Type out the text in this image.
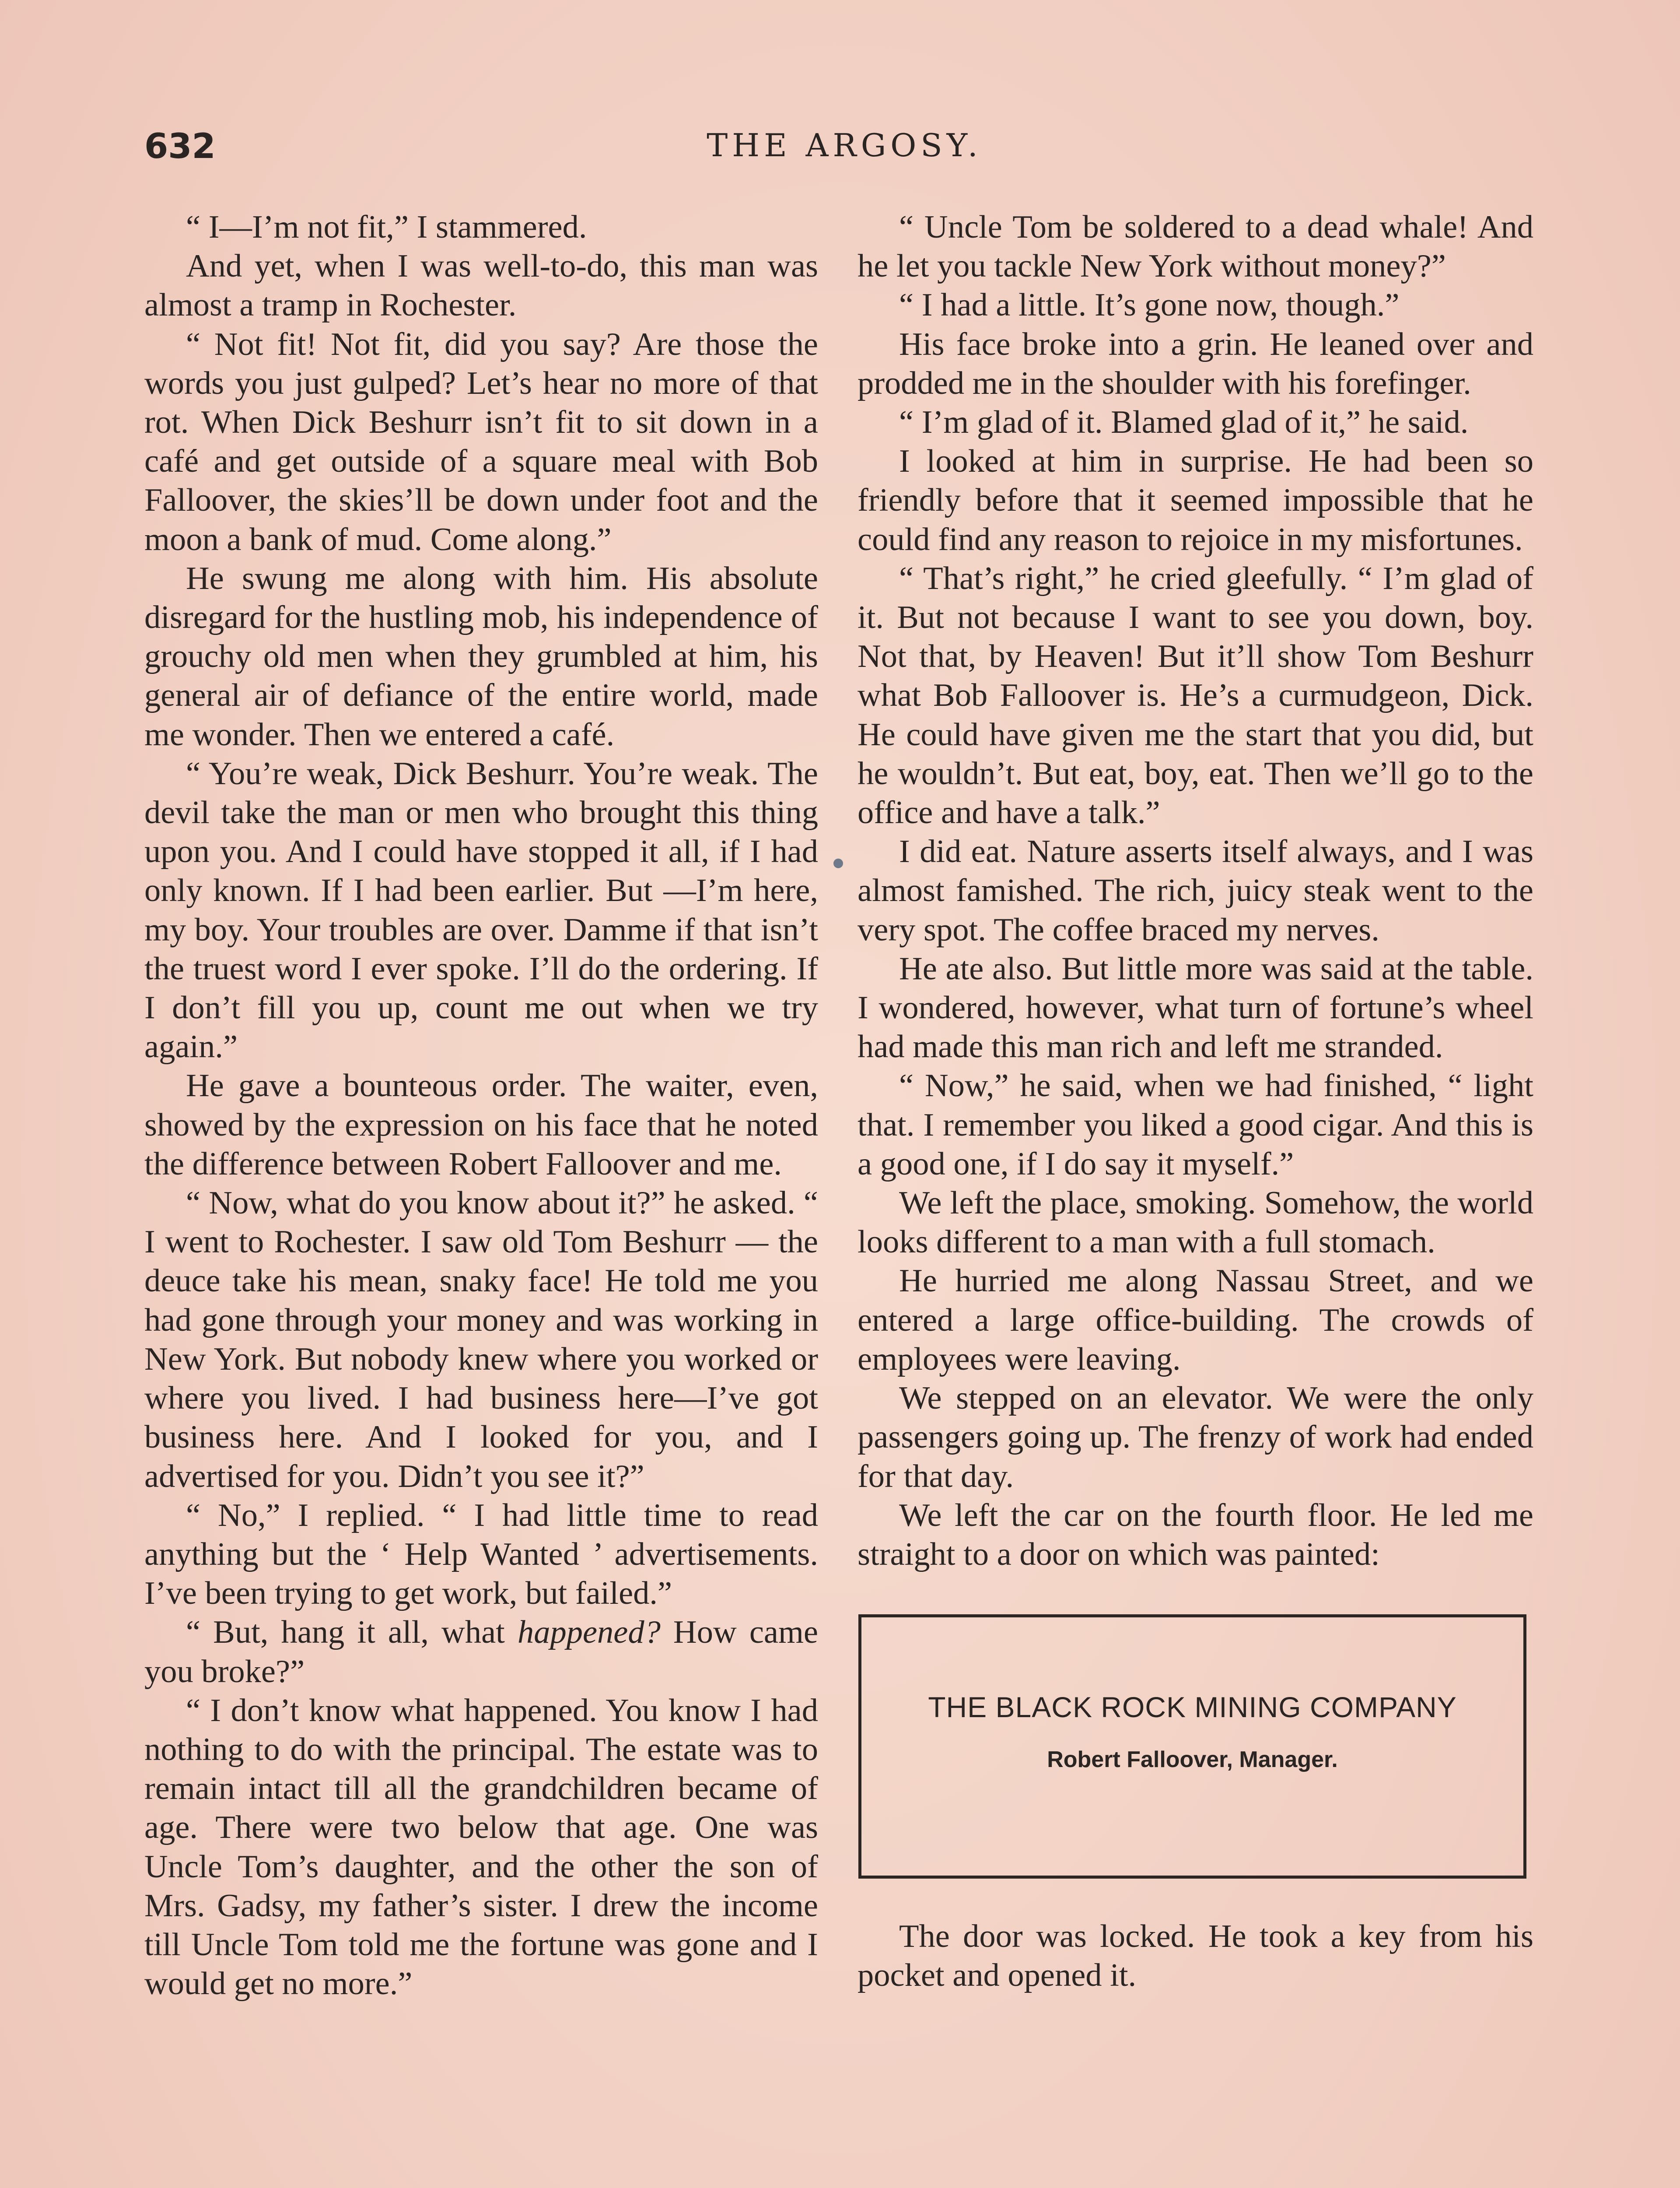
632	THE ARGOSY.

“ I—I’m not fit,” I stammered.

And yet, when I was well-to-do, this man was almost a tramp in Rochester.

“ Not fit! Not fit, did you say? Are those the words you just gulped? Let’s hear no more of that rot. When Dick Beshurr isn’t fit to sit down in a café and get outside of a square meal with Bob Falloover, the skies’ll be down under foot and the moon a bank of mud. Come along.”

He swung me along with him. His absolute disregard for the hustling mob, his independence of grouchy old men when they grumbled at him, his general air of defiance of the entire world, made me wonder. Then we entered a café.

“ You’re weak, Dick Beshurr. You’re weak. The devil take the man or men who brought this thing upon you. And I could have stopped it all, if I had only known. If I had been earlier. But —I’m here, my boy. Your troubles are over. Damme if that isn’t the truest word I ever spoke. I’ll do the ordering. If I don’t fill you up, count me out when we try again.”

He gave a bounteous order. The waiter, even, showed by the expression on his face that he noted the difference between Robert Falloover and me.

“ Now, what do you know about it?” he asked. “ I went to Rochester. I saw old Tom Beshurr — the deuce take his mean, snaky face! He told me you had gone through your money and was working in New York. But nobody knew where you worked or where you lived. I had business here—I’ve got business here. And I looked for you, and I advertised for you. Didn’t you see it?”

“ No,” I replied. “ I had little time to read anything but the ‘ Help Wanted ’ advertisements. I’ve been trying to get work, but failed.”

“ But, hang it all, what happened? How came you broke?”

“ I don’t know what happened. You know I had nothing to do with the principal. The estate was to remain intact till all the grandchildren became of age. There were two below that age. One was Uncle Tom’s daughter, and the other the son of Mrs. Gadsy, my father’s sister. I drew the income till Uncle Tom told me the fortune was gone and I would get no more.”

“ Uncle Tom be soldered to a dead whale! And he let you tackle New York without money?”

“ I had a little. It’s gone now, though.”

His face broke into a grin. He leaned over and prodded me in the shoulder with his forefinger.

“ I’m glad of it. Blamed glad of it,” he said.

I looked at him in surprise. He had been so friendly before that it seemed impossible that he could find any reason to rejoice in my misfortunes.

“ That’s right,” he cried gleefully. “ I’m glad of it. But not because I want to see you down, boy. Not that, by Heaven! But it’ll show Tom Beshurr what Bob Falloover is. He’s a curmudgeon, Dick. He could have given me the start that you did, but he wouldn’t. But eat, boy, eat. Then we’ll go to the office and have a talk.”

I did eat. Nature asserts itself always, and I was almost famished. The rich, juicy steak went to the very spot. The coffee braced my nerves.

He ate also. But little more was said at the table. I wondered, however, what turn of fortune’s wheel had made this man rich and left me stranded.

“ Now,” he said, when we had finished, “ light that. I remember you liked a good cigar. And this is a good one, if I do say it myself.”

We left the place, smoking. Somehow, the world looks different to a man with a full stomach.

He hurried me along Nassau Street, and we entered a large office-building. The crowds of employees were leaving.

We stepped on an elevator. We were the only passengers going up. The frenzy of work had ended for that day.

We left the car on the fourth floor. He led me straight to a door on which was painted:

THE BLACK ROCK MINING COMPANY
Robert Falloover, Manager.

The door was locked. He took a key from his pocket and opened it.
